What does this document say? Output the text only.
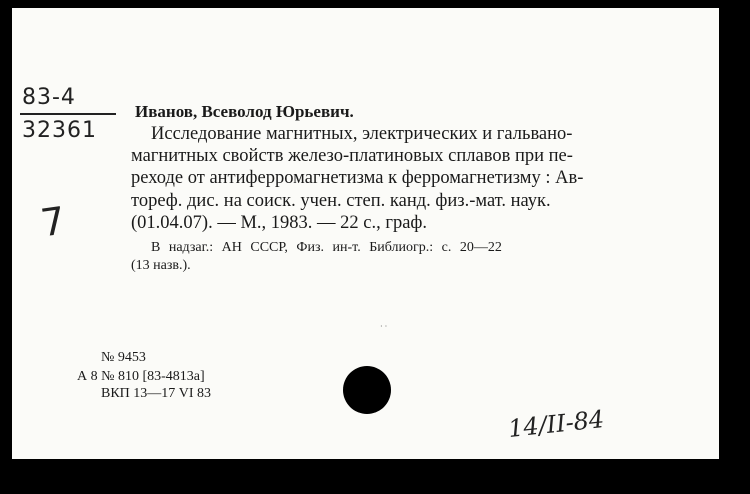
83-4
32361
7
Иванов, Всеволод Юрьевич.
Исследование магнитных, электрических и гальвано-
магнитных свойств железо-платиновых сплавов при пе-
реходе от антиферромагнетизма к ферромагнетизму : Ав-
тореф. дис. на соиск. учен. степ. канд. физ.-мат. наук.
(01.04.07). — М., 1983. — 22 с., граф.
В надзаг.: АН СССР, Физ. ин-т. Библиогр.: с. 20—22
(13 назв.).
· ·
№ 9453
А 8 № 810 [83-4813а]
ВКП 13—17 VI 83
14/II-84
